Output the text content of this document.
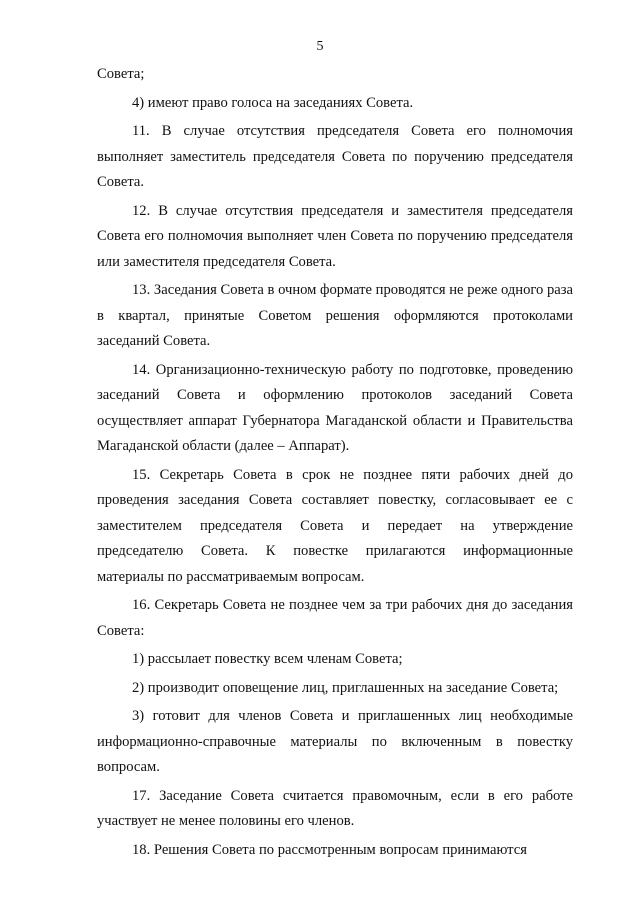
5

Совета;

4) имеют право голоса на заседаниях Совета.

11. В случае отсутствия председателя Совета его полномочия выполняет заместитель председателя Совета по поручению председателя Совета.

12. В случае отсутствия председателя и заместителя председателя Совета его полномочия выполняет член Совета по поручению председателя или заместителя председателя Совета.

13. Заседания Совета в очном формате проводятся не реже одного раза в квартал, принятые Советом решения оформляются протоколами заседаний Совета.

14. Организационно-техническую работу по подготовке, проведению заседаний Совета и оформлению протоколов заседаний Совета осуществляет аппарат Губернатора Магаданской области и Правительства Магаданской области (далее – Аппарат).

15. Секретарь Совета в срок не позднее пяти рабочих дней до проведения заседания Совета составляет повестку, согласовывает ее с заместителем председателя Совета и передает на утверждение председателю Совета. К повестке прилагаются информационные материалы по рассматриваемым вопросам.

16. Секретарь Совета не позднее чем за три рабочих дня до заседания Совета:

1) рассылает повестку всем членам Совета;

2) производит оповещение лиц, приглашенных на заседание Совета;

3) готовит для членов Совета и приглашенных лиц необходимые информационно-справочные материалы по включенным в повестку вопросам.

17. Заседание Совета считается правомочным, если в его работе участвует не менее половины его членов.

18. Решения Совета по рассмотренным вопросам принимаются
